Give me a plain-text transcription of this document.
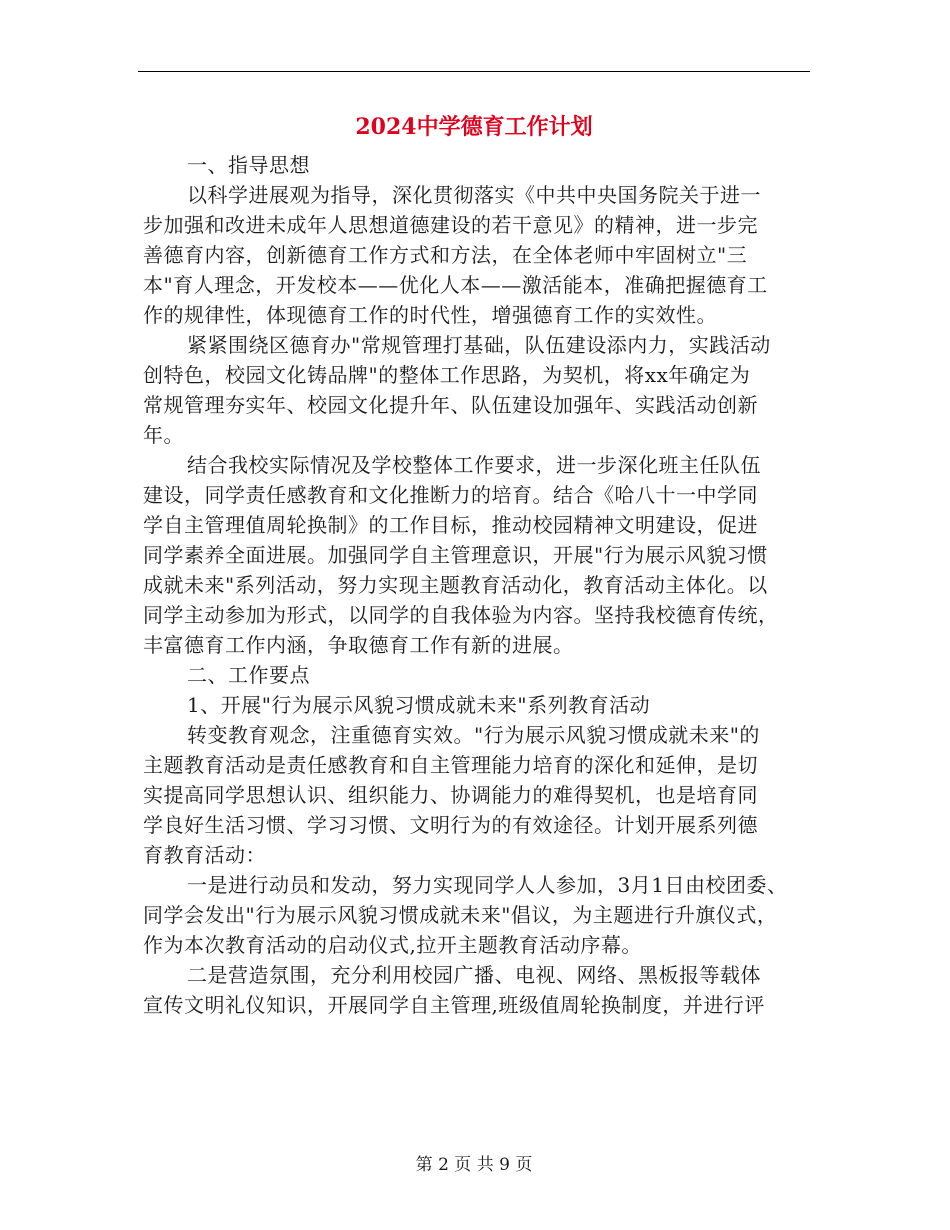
2024中学德育工作计划
一、指导思想
以科学进展观为指导，深化贯彻落实《中共中央国务院关于进一
步加强和改进未成年人思想道德建设的若干意见》的精神，进一步完
善德育内容，创新德育工作方式和方法，在全体老师中牢固树立"三
本"育人理念，开发校本——优化人本——激活能本，准确把握德育工
作的规律性，体现德育工作的时代性，增强德育工作的实效性。
紧紧围绕区德育办"常规管理打基础，队伍建设添内力，实践活动
创特色，校园文化铸品牌"的整体工作思路，为契机，将xx年确定为
常规管理夯实年、校园文化提升年、队伍建设加强年、实践活动创新
年。
结合我校实际情况及学校整体工作要求，进一步深化班主任队伍
建设，同学责任感教育和文化推断力的培育。结合《哈八十一中学同
学自主管理值周轮换制》的工作目标，推动校园精神文明建设，促进
同学素养全面进展。加强同学自主管理意识，开展"行为展示风貌习惯
成就未来"系列活动，努力实现主题教育活动化，教育活动主体化。以
同学主动参加为形式，以同学的自我体验为内容。坚持我校德育传统，
丰富德育工作内涵，争取德育工作有新的进展。
二、工作要点
1、开展"行为展示风貌习惯成就未来"系列教育活动
转变教育观念，注重德育实效。"行为展示风貌习惯成就未来"的
主题教育活动是责任感教育和自主管理能力培育的深化和延伸，是切
实提高同学思想认识、组织能力、协调能力的难得契机，也是培育同
学良好生活习惯、学习习惯、文明行为的有效途径。计划开展系列德
育教育活动：
一是进行动员和发动，努力实现同学人人参加，3月1日由校团委、
同学会发出"行为展示风貌习惯成就未来"倡议，为主题进行升旗仪式，
作为本次教育活动的启动仪式,拉开主题教育活动序幕。
二是营造氛围，充分利用校园广播、电视、网络、黑板报等载体
宣传文明礼仪知识，开展同学自主管理,班级值周轮换制度，并进行评
第 2 页 共 9 页
